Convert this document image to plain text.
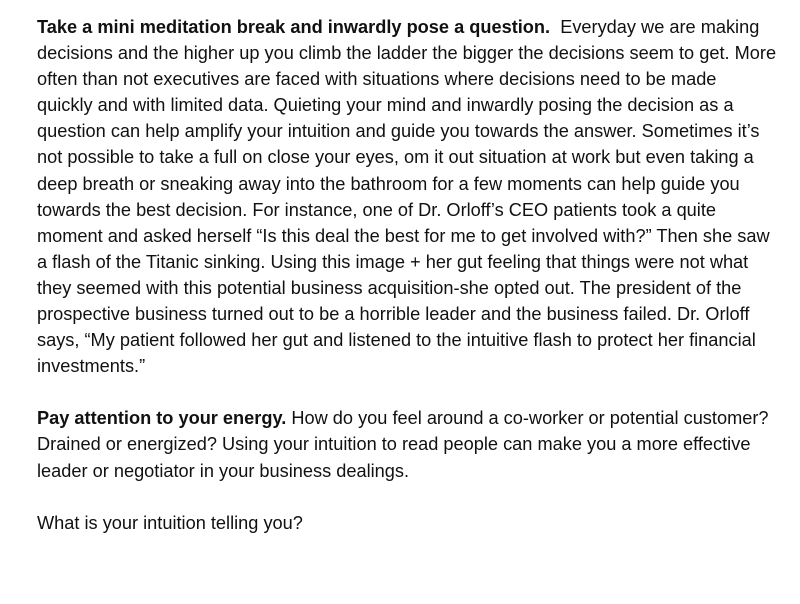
Take a mini meditation break and inwardly pose a question. Everyday we are making decisions and the higher up you climb the ladder the bigger the decisions seem to get. More often than not executives are faced with situations where decisions need to be made quickly and with limited data. Quieting your mind and inwardly posing the decision as a question can help amplify your intuition and guide you towards the answer. Sometimes it’s not possible to take a full on close your eyes, om it out situation at work but even taking a deep breath or sneaking away into the bathroom for a few moments can help guide you towards the best decision. For instance, one of Dr. Orloff’s CEO patients took a quite moment and asked herself “Is this deal the best for me to get involved with?” Then she saw a flash of the Titanic sinking. Using this image + her gut feeling that things were not what they seemed with this potential business acquisition-she opted out. The president of the prospective business turned out to be a horrible leader and the business failed. Dr. Orloff says, “My patient followed her gut and listened to the intuitive flash to protect her financial investments.”

Pay attention to your energy. How do you feel around a co-worker or potential customer? Drained or energized? Using your intuition to read people can make you a more effective leader or negotiator in your business dealings.

What is your intuition telling you?
